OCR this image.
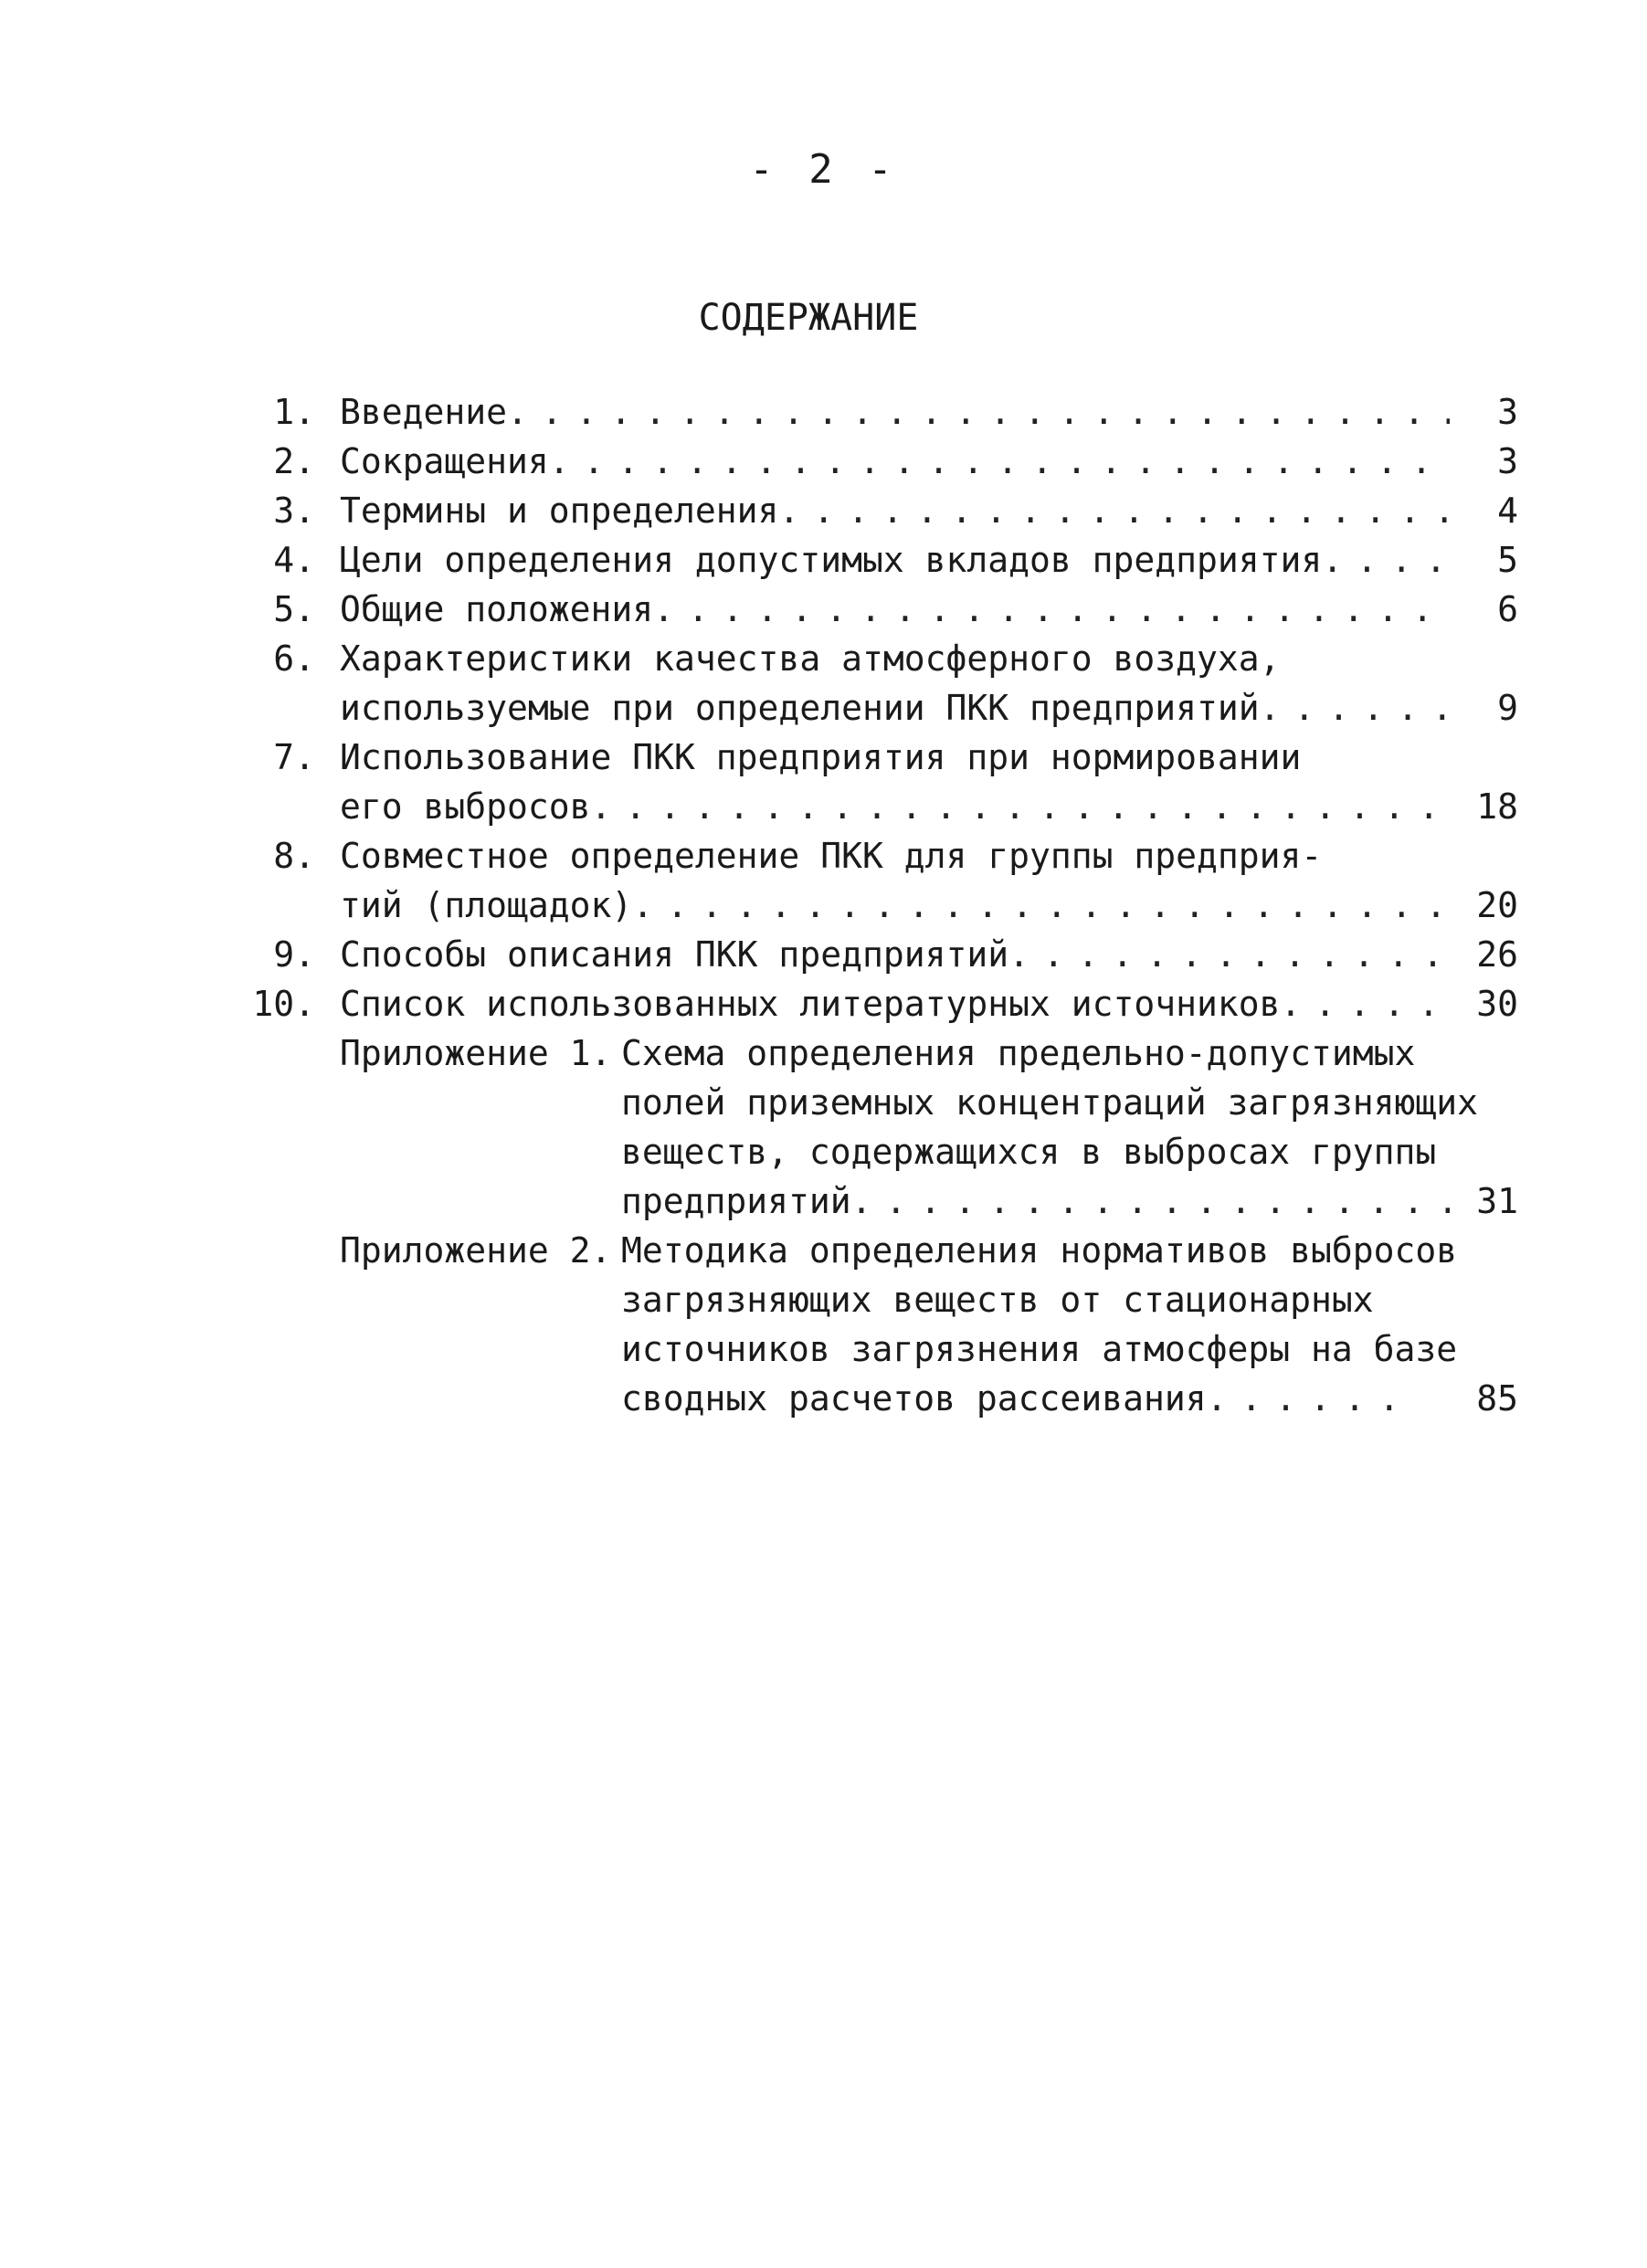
- 2 -
СОДЕРЖАНИЕ
1. Введение . . .	3
2. Сокращения . . .	3
3. Термины и определения . . .	4
4. Цели определения допустимых вкладов предприятия . . .	5
5. Общие положения . . .	6
6. Характеристики качества атмосферного воздуха,
используемые при определении ПКК предприятий . . .	9
7. Использование ПКК предприятия при нормировании
его выбросов . . .	18
8. Совместное определение ПКК для группы предприя-
тий (площадок) . . .	20
9. Способы описания ПКК предприятий . . .	26
10. Список использованных литературных источников . . .	30
Приложение 1. Схема определения предельно-допустимых
полей приземных концентраций загрязняющих
веществ, содержащихся в выбросах группы
предприятий . . .	31
Приложение 2. Методика определения нормативов выбросов
загрязняющих веществ от стационарных
источников загрязнения атмосферы на базе
сводных расчетов рассеивания . . .	85
